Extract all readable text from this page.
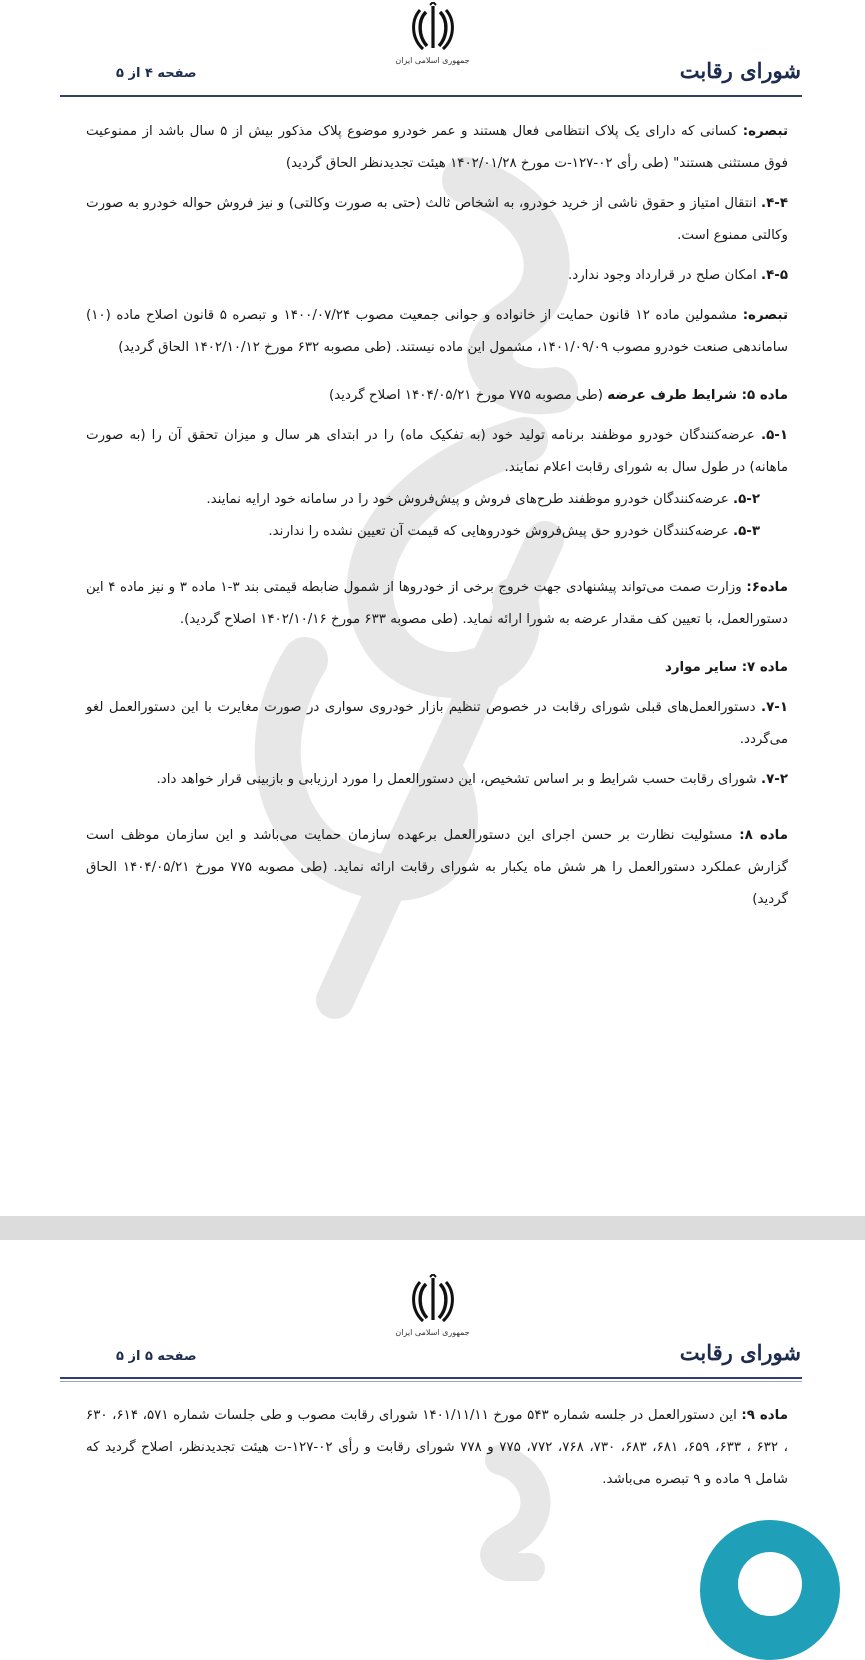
جمهوری اسلامی ایران	شورای رقابت
صفحه ۴ از ۵

تبصره: کسانی که دارای یک پلاک انتظامی فعال هستند و عمر خودرو موضوع پلاک مذکور بیش از ۵ سال باشد از ممنوعیت فوق مستثنی هستند" (طی رأی ۰۲-۱۲۷-ت مورخ ۱۴۰۲/۰۱/۲۸ هیئت تجدیدنظر الحاق گردید)

۴-۴. انتقال امتیاز و حقوق ناشی از خرید خودرو، به اشخاص ثالث (حتی به صورت وکالتی) و نیز فروش حواله خودرو به صورت وکالتی ممنوع است.

۴-۵. امکان صلح در قرارداد وجود ندارد.

تبصره: مشمولین ماده ۱۲ قانون حمایت از خانواده و جوانی جمعیت مصوب ۱۴۰۰/۰۷/۲۴ و تبصره ۵ قانون اصلاح ماده (۱۰) ساماندهی صنعت خودرو مصوب ۱۴۰۱/۰۹/۰۹، مشمول این ماده نیستند. (طی مصوبه ۶۳۲ مورخ ۱۴۰۲/۱۰/۱۲ الحاق گردید)

ماده ۵: شرایط طرف عرضه (طی مصوبه ۷۷۵ مورخ ۱۴۰۴/۰۵/۲۱ اصلاح گردید)

۵-۱. عرضه‌کنندگان خودرو موظفند برنامه تولید خود (به تفکیک ماه) را در ابتدای هر سال و میزان تحقق آن را (به صورت ماهانه) در طول سال به شورای رقابت اعلام نمایند.

۵-۲. عرضه‌کنندگان خودرو موظفند طرح‌های فروش و پیش‌فروش خود را در سامانه خود ارایه نمایند.

۵-۳. عرضه‌کنندگان خودرو حق پیش‌فروش خودروهایی که قیمت آن تعیین نشده را ندارند.

ماده۶: وزارت صمت می‌تواند پیشنهادی جهت خروج برخی از خودروها از شمول ضابطه قیمتی بند ۳-۱ ماده ۳ و نیز ماده ۴ این دستورالعمل، با تعیین کف مقدار عرضه به شورا ارائه نماید. (طی مصوبه ۶۳۳ مورخ ۱۴۰۲/۱۰/۱۶ اصلاح گردید).

ماده ۷: سایر موارد

۷-۱. دستورالعمل‌های قبلی شورای رقابت در خصوص تنظیم بازار خودروی سواری در صورت مغایرت با این دستورالعمل لغو می‌گردد.

۷-۲. شورای رقابت حسب شرایط و بر اساس تشخیص، این دستورالعمل را مورد ارزیابی و بازبینی قرار خواهد داد.

ماده ۸: مسئولیت نظارت بر حسن اجرای این دستورالعمل برعهده سازمان حمایت می‌باشد و این سازمان موظف است گزارش عملکرد دستورالعمل را هر شش ماه یکبار به شورای رقابت ارائه نماید. (طی مصوبه ۷۷۵ مورخ ۱۴۰۴/۰۵/۲۱ الحاق گردید)

جمهوری اسلامی ایران
شورای رقابت
صفحه ۵ از ۵

ماده ۹: این دستورالعمل در جلسه شماره ۵۴۳ مورخ ۱۴۰۱/۱۱/۱۱ شورای رقابت مصوب و طی جلسات شماره ۵۷۱، ۶۱۴، ۶۳۰ ، ۶۳۲ ، ۶۳۳، ۶۵۹، ۶۸۱، ۶۸۳، ۷۳۰، ۷۶۸، ۷۷۲، ۷۷۵ و ۷۷۸ شورای رقابت و رأی ۰۲-۱۲۷-ت هیئت تجدیدنظر، اصلاح گردید که شامل ۹ ماده و ۹ تبصره می‌باشد.
